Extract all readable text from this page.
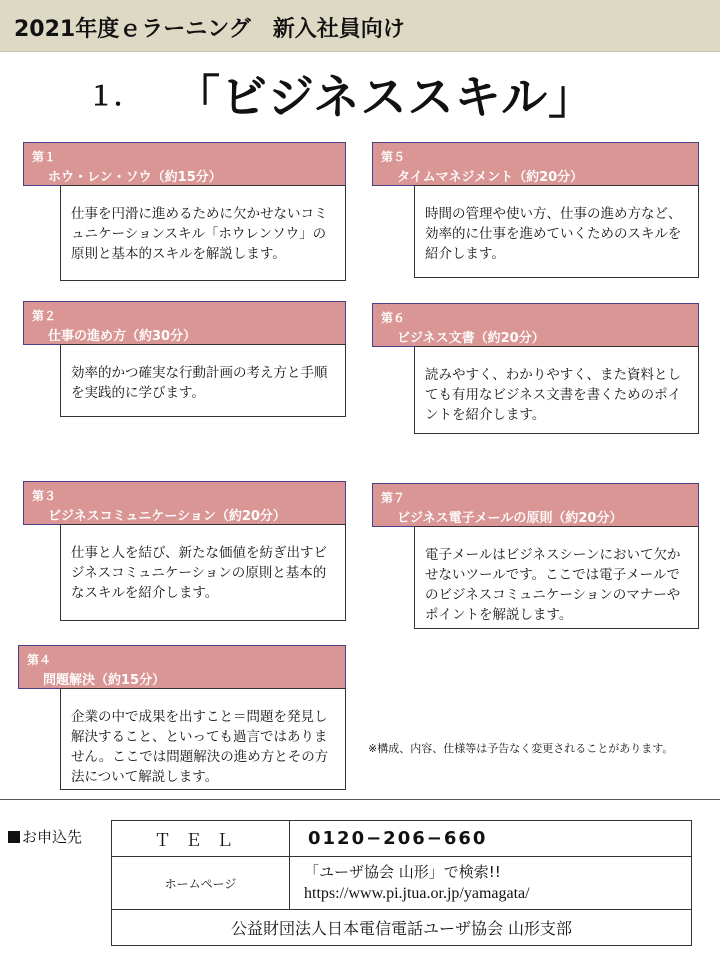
2021年度ｅラーニング　新入社員向け
１． 「ビジネススキル」
第１
ホウ・レン・ソウ（約15分）
仕事を円滑に進めるために欠かせないコミュニケーションスキル「ホウレンソウ」の原則と基本的スキルを解説します。
第２
仕事の進め方（約30分）
効率的かつ確実な行動計画の考え方と手順を実践的に学びます。
第３
ビジネスコミュニケーション（約20分）
仕事と人を結び、新たな価値を紡ぎ出すビジネスコミュニケーションの原則と基本的なスキルを紹介します。
第４
問題解決（約15分）
企業の中で成果を出すこと＝問題を発見し解決すること、といっても過言ではありません。ここでは問題解決の進め方とその方法について解説します。
第５
タイムマネジメント（約20分）
時間の管理や使い方、仕事の進め方など、効率的に仕事を進めていくためのスキルを紹介します。
第６
ビジネス文書（約20分）
読みやすく、わかりやすく、また資料としても有用なビジネス文書を書くためのポイントを紹介します。
第７
ビジネス電子メールの原則（約20分）
電子メールはビジネスシーンにおいて欠かせないツールです。ここでは電子メールでのビジネスコミュニケーションのマナーやポイントを解説します。
※構成、内容、仕様等は予告なく変更されることがあります。
お申込先	ＴＥＬ	0120−206−660
ホームページ	「ユーザ協会 山形」で検索!!
https://www.pi.jtua.or.jp/yamagata/

公益財団法人日本電信電話ユーザ協会 山形支部	
